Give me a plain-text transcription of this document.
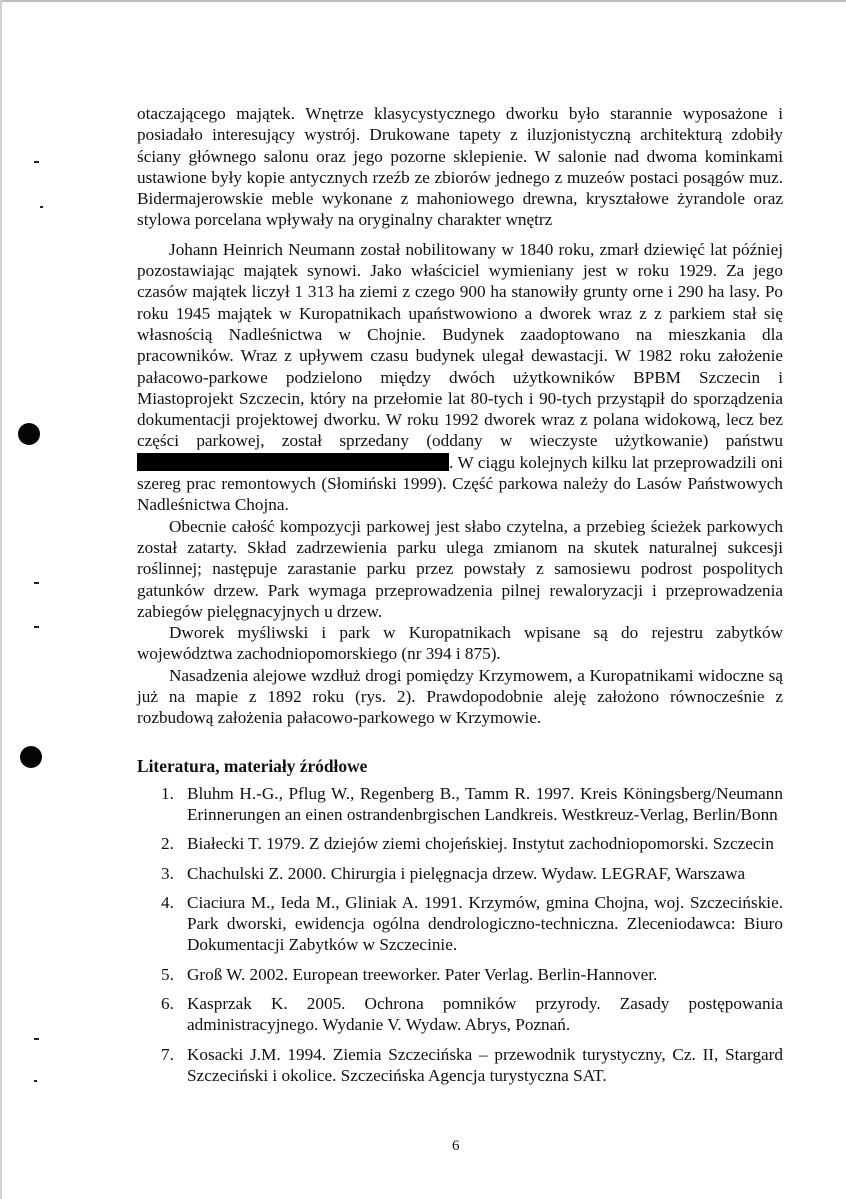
otaczającego majątek. Wnętrze klasycystycznego dworku było starannie wyposażone i posiadało interesujący wystrój. Drukowane tapety z iluzjonistyczną architekturą zdobiły ściany głównego salonu oraz jego pozorne sklepienie. W salonie nad dwoma kominkami ustawione były kopie antycznych rzeźb ze zbiorów jednego z muzeów postaci posągów muz. Bidermajerowskie meble wykonane z mahoniowego drewna, kryształowe żyrandole oraz stylowa porcelana wpływały na oryginalny charakter wnętrz

Johann Heinrich Neumann został nobilitowany w 1840 roku, zmarł dziewięć lat później pozostawiając majątek synowi. Jako właściciel wymieniany jest w roku 1929. Za jego czasów majątek liczył 1 313 ha ziemi z czego 900 ha stanowiły grunty orne i 290 ha lasy. Po roku 1945 majątek w Kuropatnikach upaństwowiono a dworek wraz z z parkiem stał się własnością Nadleśnictwa w Chojnie. Budynek zaadoptowano na mieszkania dla pracowników. Wraz z upływem czasu budynek ulegał dewastacji. W 1982 roku założenie pałacowo-parkowe podzielono między dwóch użytkowników BPBM Szczecin i Miastoprojekt Szczecin, który na przełomie lat 80-tych i 90-tych przystąpił do sporządzenia dokumentacji projektowej dworku. W roku 1992 dworek wraz z polana widokową, lecz bez części parkowej, został sprzedany (oddany w wieczyste użytkowanie) państwu . W ciągu kolejnych kilku lat przeprowadzili oni szereg prac remontowych (Słomiński 1999). Część parkowa należy do Lasów Państwowych Nadleśnictwa Chojna.

Obecnie całość kompozycji parkowej jest słabo czytelna, a przebieg ścieżek parkowych został zatarty. Skład zadrzewienia parku ulega zmianom na skutek naturalnej sukcesji roślinnej; następuje zarastanie parku przez powstały z samosiewu podrost pospolitych gatunków drzew. Park wymaga przeprowadzenia pilnej rewaloryzacji i przeprowadzenia zabiegów pielęgnacyjnych u drzew.

Dworek myśliwski i park w Kuropatnikach wpisane są do rejestru zabytków województwa zachodniopomorskiego (nr 394 i 875).

Nasadzenia alejowe wzdłuż drogi pomiędzy Krzymowem, a Kuropatnikami widoczne są już na mapie z 1892 roku (rys. 2). Prawdopodobnie aleję założono równocześnie z rozbudową założenia pałacowo-parkowego w Krzymowie.

Literatura, materiały źródłowe
1. Bluhm H.-G., Pflug W., Regenberg B., Tamm R. 1997. Kreis Köningsberg/Neumann Erinnerungen an einen ostrandenbrgischen Landkreis. Westkreuz-Verlag, Berlin/Bonn
2. Białecki T. 1979. Z dziejów ziemi chojeńskiej. Instytut zachodniopomorski. Szczecin
3. Chachulski Z. 2000. Chirurgia i pielęgnacja drzew. Wydaw. LEGRAF, Warszawa
4. Ciaciura M., Ieda M., Gliniak A. 1991. Krzymów, gmina Chojna, woj. Szczecińskie. Park dworski, ewidencja ogólna dendrologiczno-techniczna. Zleceniodawca: Biuro Dokumentacji Zabytków w Szczecinie.
5. Groß W. 2002. European treeworker. Pater Verlag. Berlin-Hannover.
6. Kasprzak K. 2005. Ochrona pomników przyrody. Zasady postępowania administracyjnego. Wydanie V. Wydaw. Abrys, Poznań.
7. Kosacki J.M. 1994. Ziemia Szczecińska – przewodnik turystyczny, Cz. II, Stargard Szczeciński i okolice. Szczecińska Agencja turystyczna SAT.
6
